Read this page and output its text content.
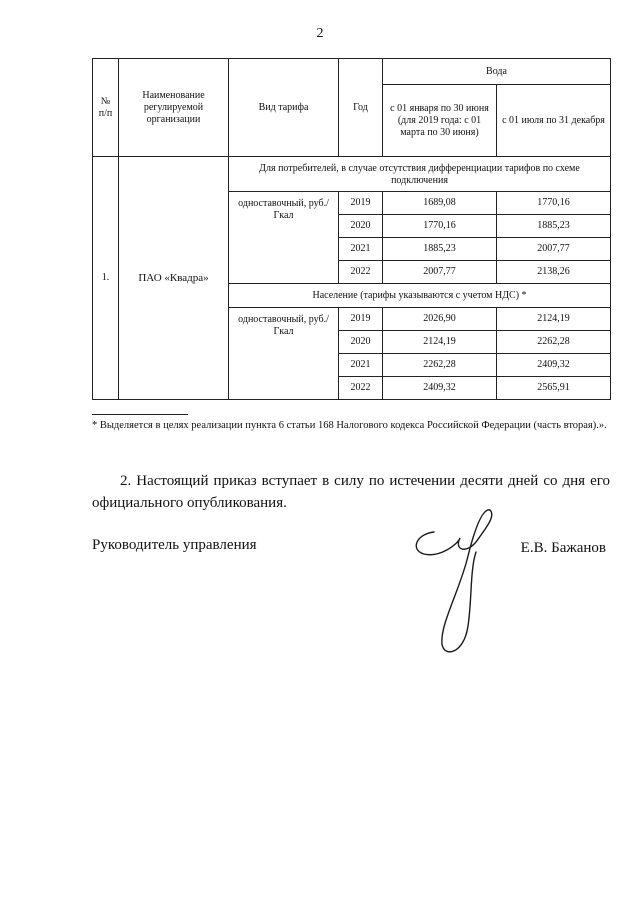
2
№ п/п	Наименование регулируемой организации	Вид тарифа	Год	Вода	
				с 01 января по 30 июня (для 2019 года: с 01 марта по 30 июня)	с 01 июля по 31 декабря
1.	ПАО «Квадра»	Для потребителей, в случае отсутствия дифференциации тарифов по схеме подключения			
		одноставочный, руб./Гкал	2019	1689,08	1770,16
			2020	1770,16	1885,23
			2021	1885,23	2007,77
			2022	2007,77	2138,26
		Население (тарифы указываются с учетом НДС) *			
		одноставочный, руб./Гкал	2019	2026,90	2124,19
			2020	2124,19	2262,28
			2021	2262,28	2409,32
			2022	2409,32	2565,91
* Выделяется в целях реализации пункта 6 статьи 168 Налогового кодекса Российской Федерации (часть вторая).».
2. Настоящий приказ вступает в силу по истечении десяти дней со дня его официального опубликования.
Руководитель управления	Е.В. Бажанов
